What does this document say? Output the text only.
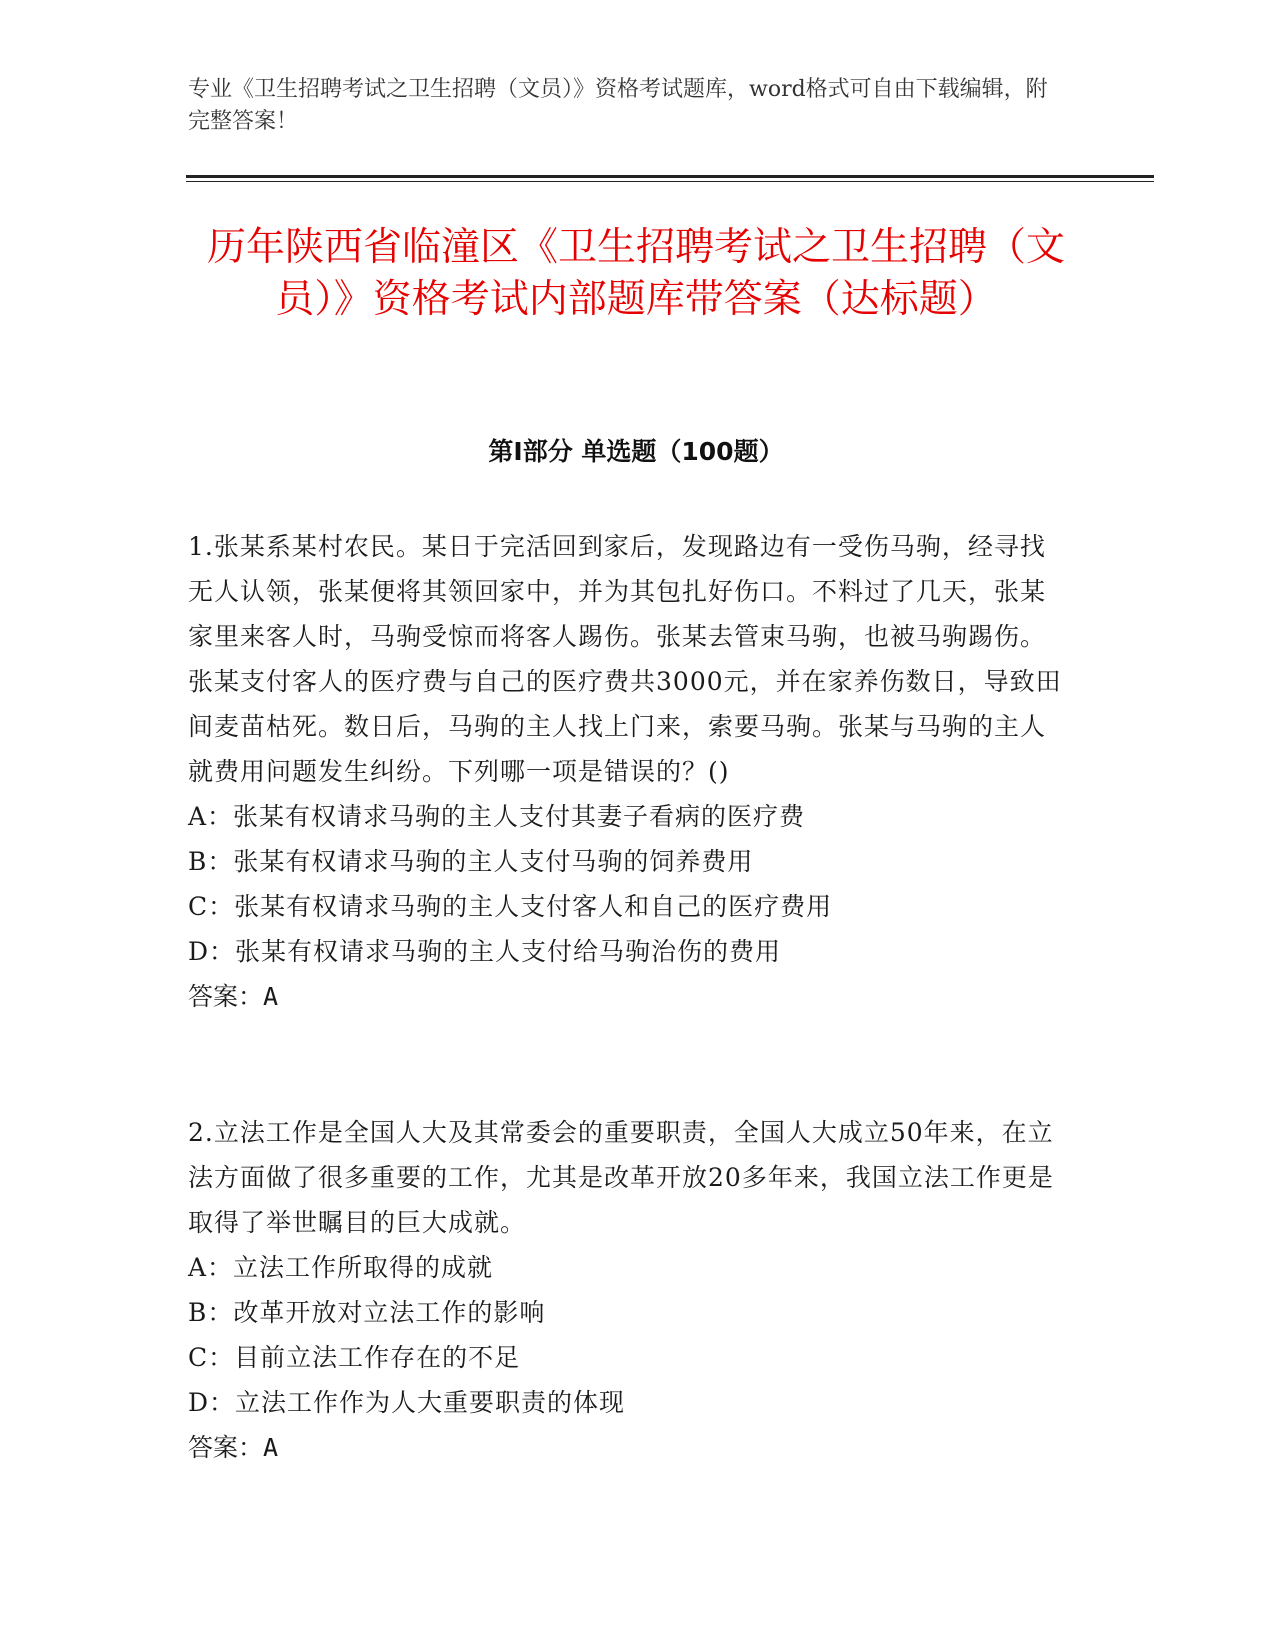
专业《卫生招聘考试之卫生招聘（文员）》资格考试题库，word格式可自由下载编辑，附完整答案！
历年陕西省临潼区《卫生招聘考试之卫生招聘（文员）》资格考试内部题库带答案（达标题）
第Ⅰ部分 单选题（100题）

1.张某系某村农民。某日于完活回到家后，发现路边有一受伤马驹，经寻找无人认领，张某便将其领回家中，并为其包扎好伤口。不料过了几天，张某家里来客人时，马驹受惊而将客人踢伤。张某去管束马驹，也被马驹踢伤。张某支付客人的医疗费与自己的医疗费共3000元，并在家养伤数日，导致田间麦苗枯死。数日后，马驹的主人找上门来，索要马驹。张某与马驹的主人就费用问题发生纠纷。下列哪一项是错误的？()

A：张某有权请求马驹的主人支付其妻子看病的医疗费

B：张某有权请求马驹的主人支付马驹的饲养费用

C：张某有权请求马驹的主人支付客人和自己的医疗费用

D：张某有权请求马驹的主人支付给马驹治伤的费用

答案：A

2.立法工作是全国人大及其常委会的重要职责，全国人大成立50年来，在立法方面做了很多重要的工作，尤其是改革开放20多年来，我国立法工作更是取得了举世瞩目的巨大成就。

A：立法工作所取得的成就

B：改革开放对立法工作的影响

C：目前立法工作存在的不足

D：立法工作作为人大重要职责的体现

答案：A
